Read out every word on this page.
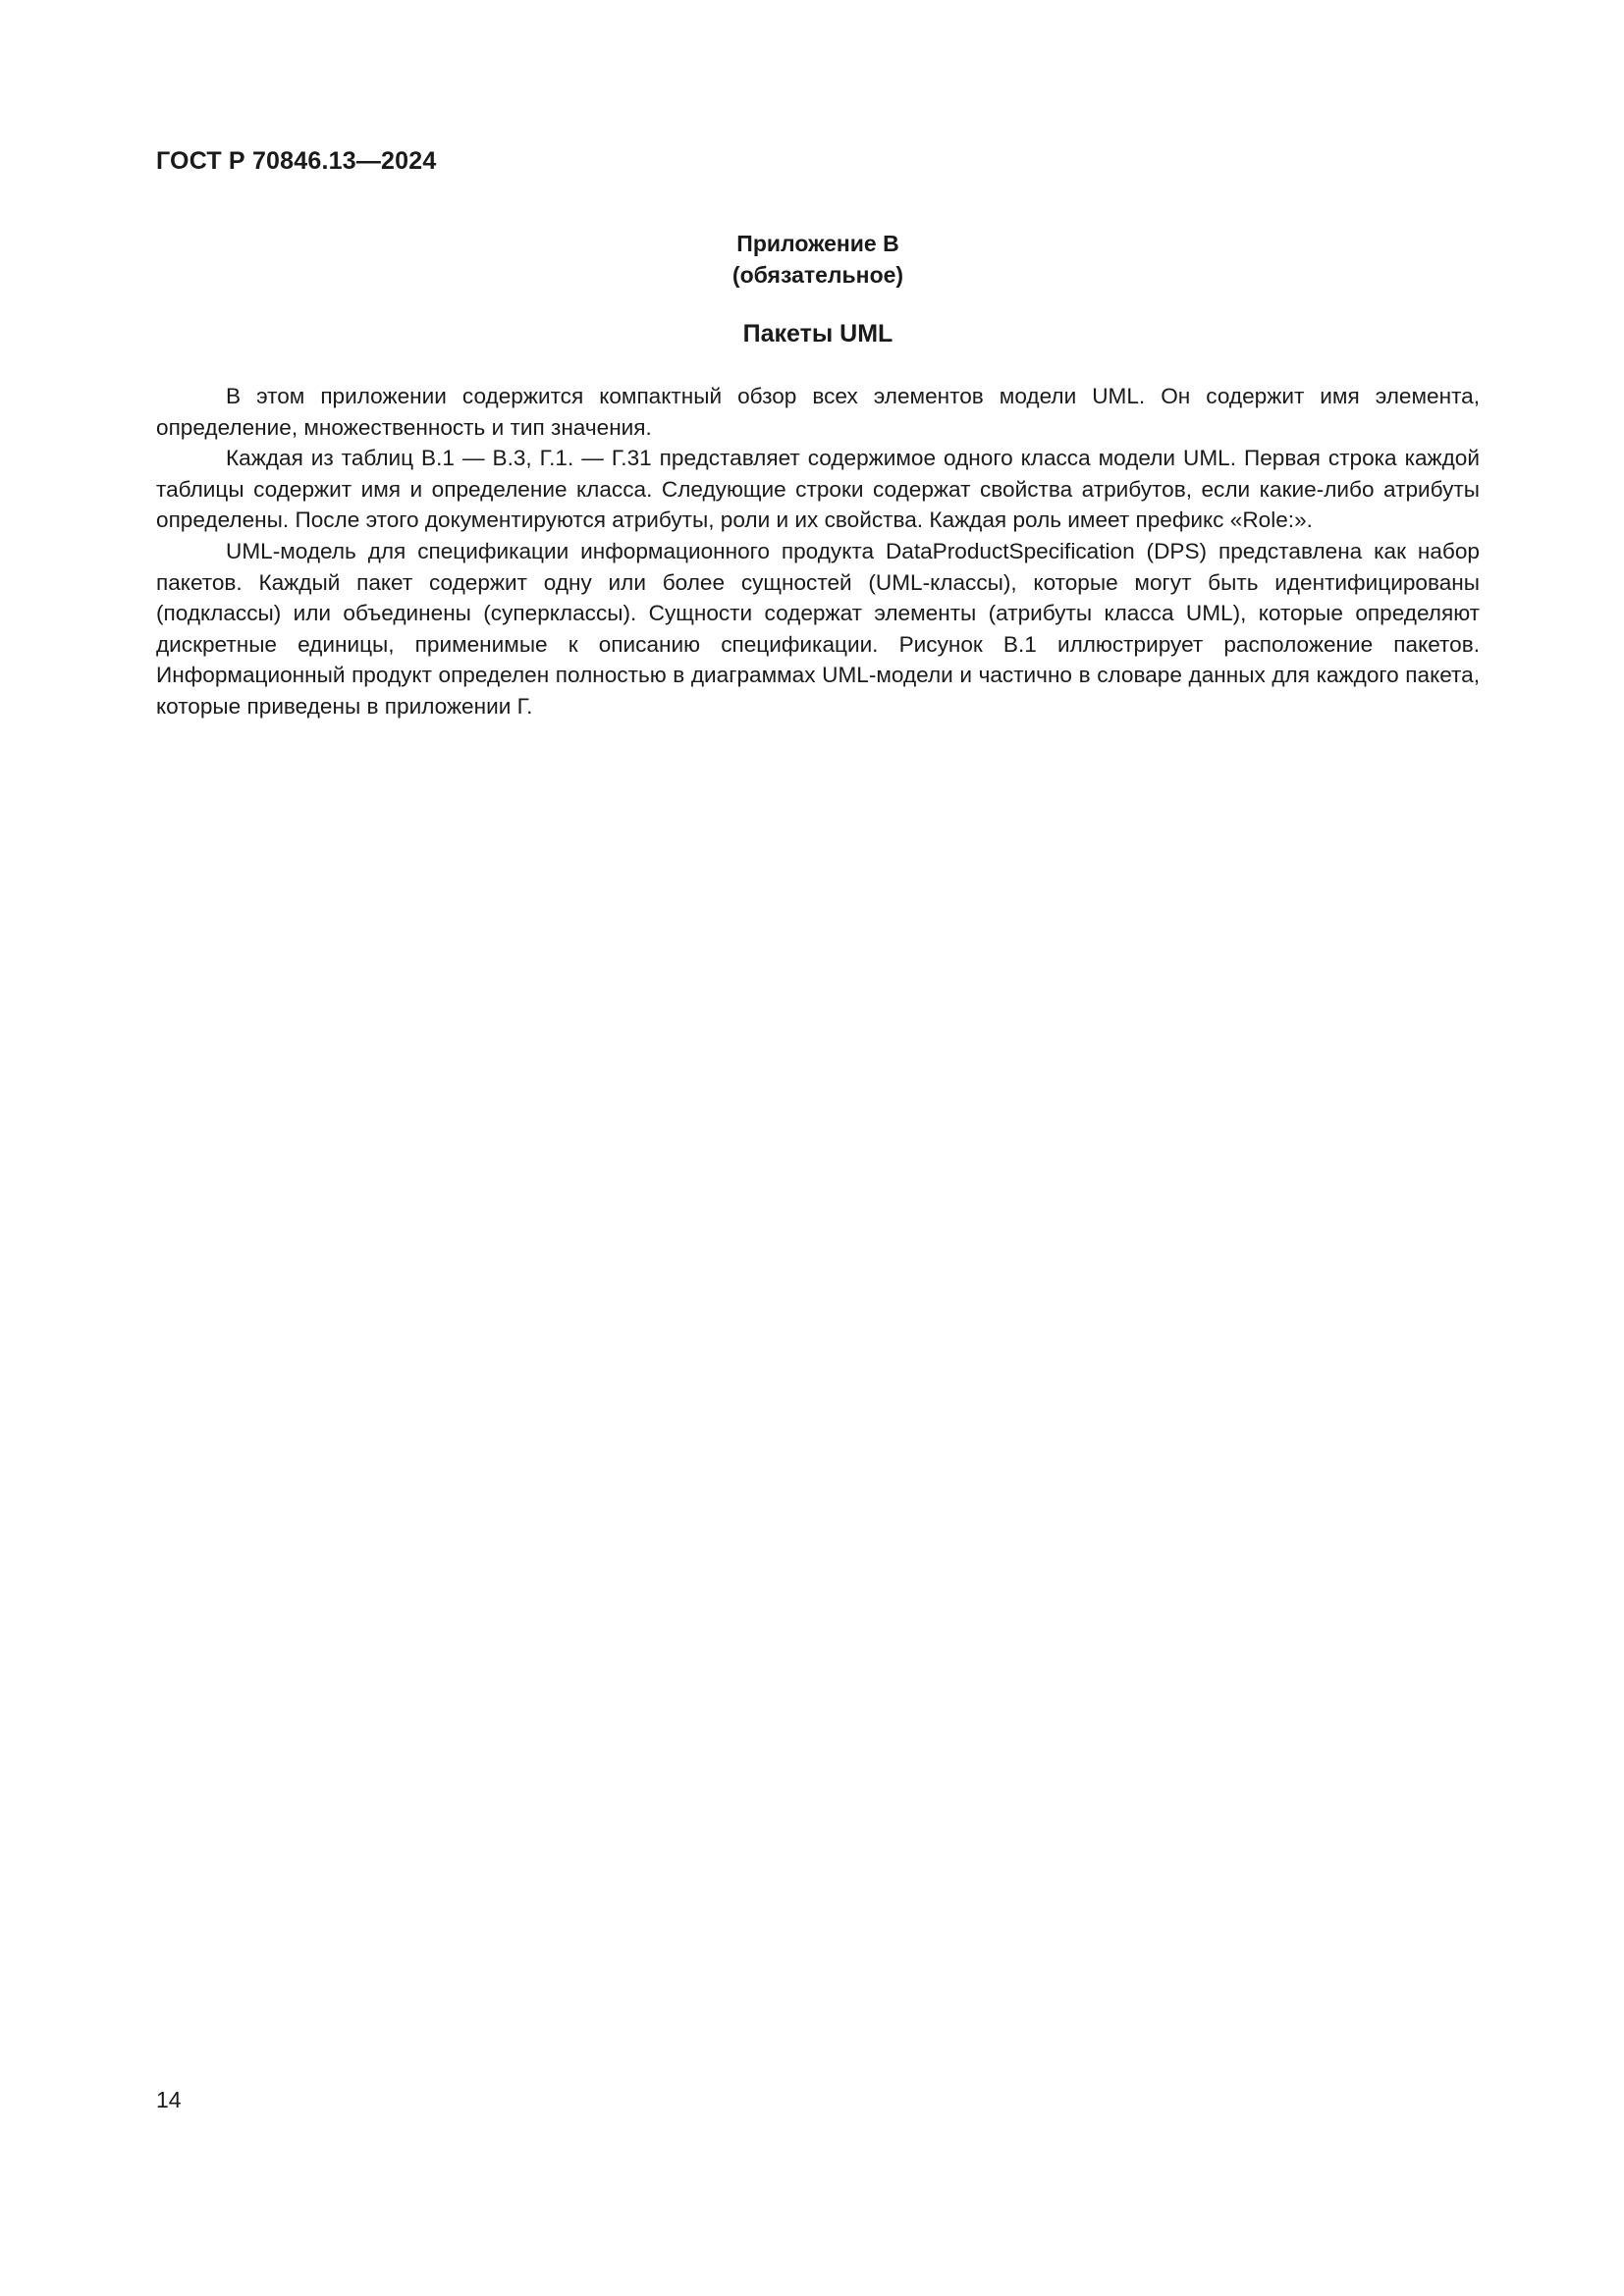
ГОСТ Р 70846.13—2024
Приложение В
(обязательное)
Пакеты UML

В этом приложении содержится компактный обзор всех элементов модели UML. Он содержит имя элемента, определение, множественность и тип значения.

Каждая из таблиц В.1 — В.3, Г.1. — Г.31 представляет содержимое одного класса модели UML. Первая строка каждой таблицы содержит имя и определение класса. Следующие строки содержат свойства атрибутов, если какие-либо атрибуты определены. После этого документируются атрибуты, роли и их свойства. Каждая роль имеет префикс «Role:».

UML-модель для спецификации информационного продукта DataProductSpecification (DPS) представлена как набор пакетов. Каждый пакет содержит одну или более сущностей (UML-классы), которые могут быть идентифицированы (подклассы) или объединены (суперклассы). Сущности содержат элементы (атрибуты класса UML), которые определяют дискретные единицы, применимые к описанию спецификации. Рисунок В.1 иллюстрирует расположение пакетов. Информационный продукт определен полностью в диаграммах UML-модели и частично в словаре данных для каждого пакета, которые приведены в приложении Г.

14
